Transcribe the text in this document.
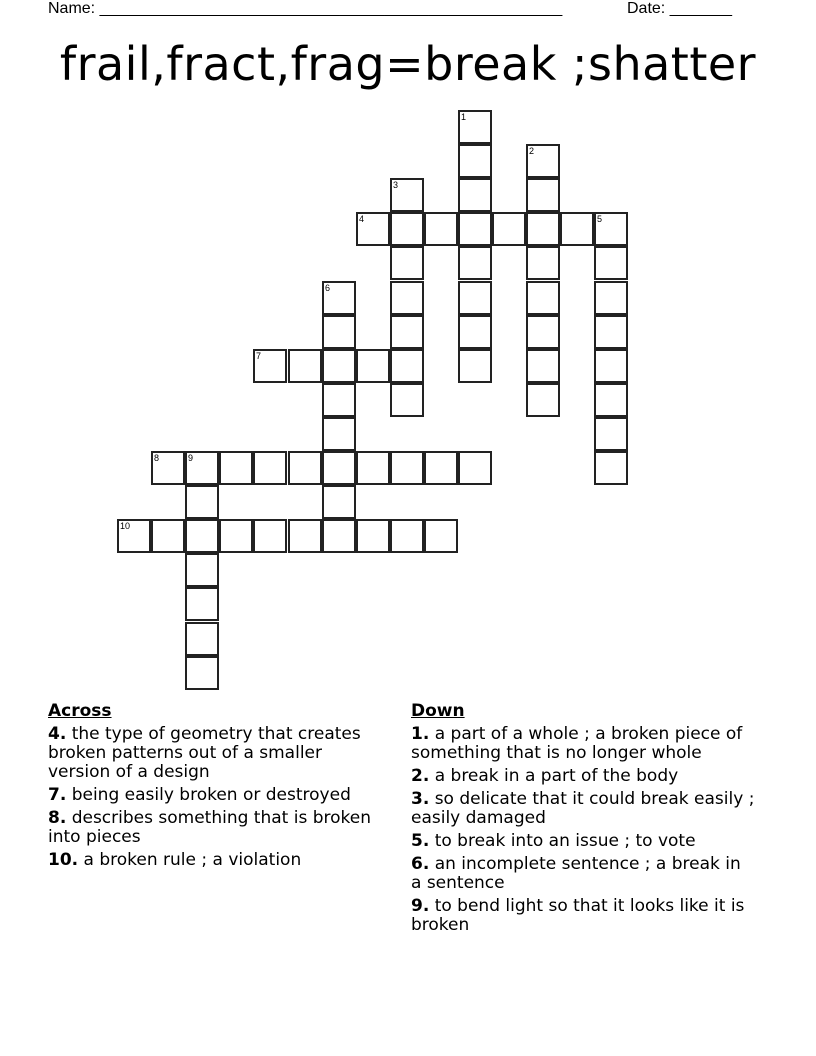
Name: ____________________________________________________	Date: _______
frail,fract,frag=break ;shatter
1
2
3
4	5
6
7
8	9
10
Across
4. the type of geometry that creates broken patterns out of a smaller version of a design
7. being easily broken or destroyed
8. describes something that is broken into pieces
10. a broken rule ; a violation
Down
1. a part of a whole ; a broken piece of something that is no longer whole
2. a break in a part of the body
3. so delicate that it could break easily ; easily damaged
5. to break into an issue ; to vote
6. an incomplete sentence ; a break in a sentence
9. to bend light so that it looks like it is broken
